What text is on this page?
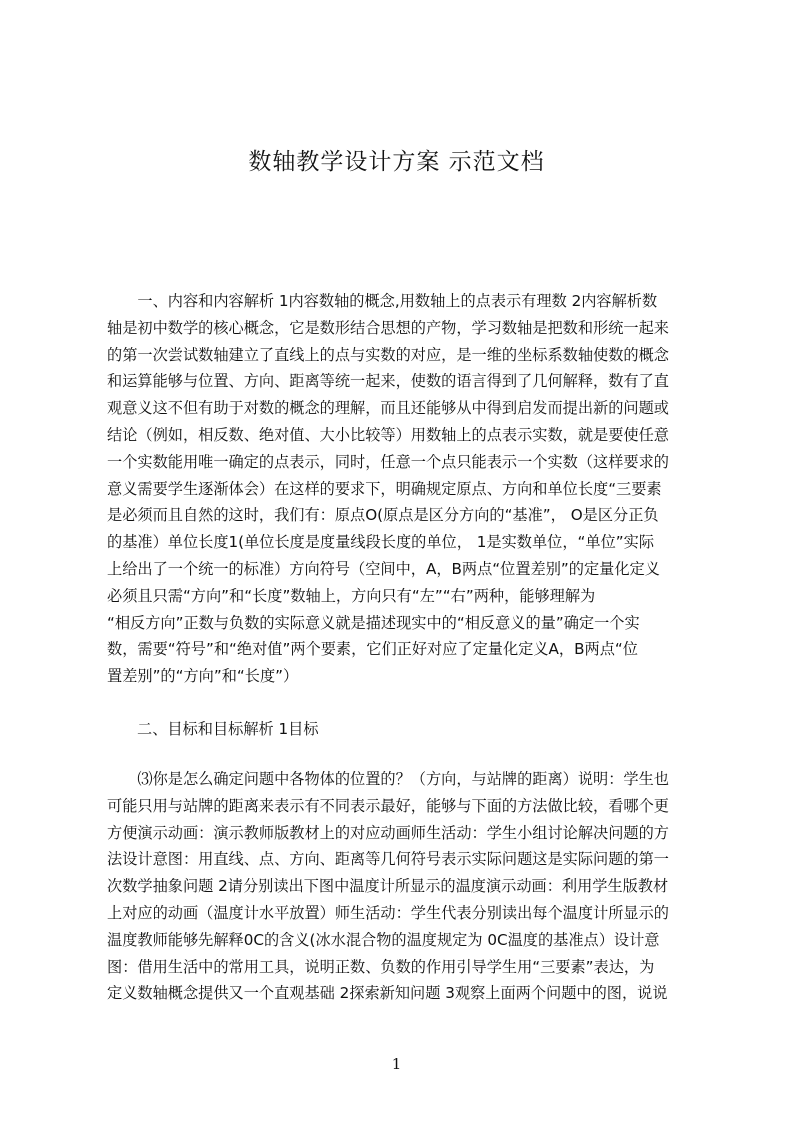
数轴教学设计方案 示范文档
　　一、内容和内容解析 1内容数轴的概念,用数轴上的点表示有理数 2内容解析数
轴是初中数学的核心概念，它是数形结合思想的产物，学习数轴是把数和形统一起来
的第一次尝试数轴建立了直线上的点与实数的对应，是一维的坐标系数轴使数的概念
和运算能够与位置、方向、距离等统一起来，使数的语言得到了几何解释，数有了直
观意义这不但有助于对数的概念的理解，而且还能够从中得到启发而提出新的问题或
结论（例如，相反数、绝对值、大小比较等）用数轴上的点表示实数，就是要使任意
一个实数能用唯一确定的点表示，同时，任意一个点只能表示一个实数（这样要求的
意义需要学生逐渐体会）在这样的要求下，明确规定原点、方向和单位长度“三要素
是必须而且自然的这时，我们有：原点O(原点是区分方向的“基准”， O是区分正负
的基准）单位长度1(单位长度是度量线段长度的单位， 1是实数单位，“单位”实际
上给出了一个统一的标准）方向符号（空间中，A，B两点“位置差别”的定量化定义
必须且只需“方向”和“长度”数轴上，方向只有“左”“右”两种，能够理解为
“相反方向”正数与负数的实际意义就是描述现实中的“相反意义的量”确定一个实
数，需要“符号”和“绝对值”两个要素，它们正好对应了定量化定义A，B两点“位
置差别”的“方向”和“长度”）
二、目标和目标解析 1目标
　　⑶你是怎么确定问题中各物体的位置的？（方向，与站牌的距离）说明：学生也
可能只用与站牌的距离来表示有不同表示最好，能够与下面的方法做比较，看哪个更
方便演示动画：演示教师版教材上的对应动画师生活动：学生小组讨论解决问题的方
法设计意图：用直线、点、方向、距离等几何符号表示实际问题这是实际问题的第一
次数学抽象问题 2请分别读出下图中温度计所显示的温度演示动画：利用学生版教材
上对应的动画（温度计水平放置）师生活动：学生代表分别读出每个温度计所显示的
温度教师能够先解释0C的含义(冰水混合物的温度规定为 0C温度的基准点）设计意
图：借用生活中的常用工具，说明正数、负数的作用引导学生用“三要素”表达，为
定义数轴概念提供又一个直观基础 2探索新知问题 3观察上面两个问题中的图，说说
1
